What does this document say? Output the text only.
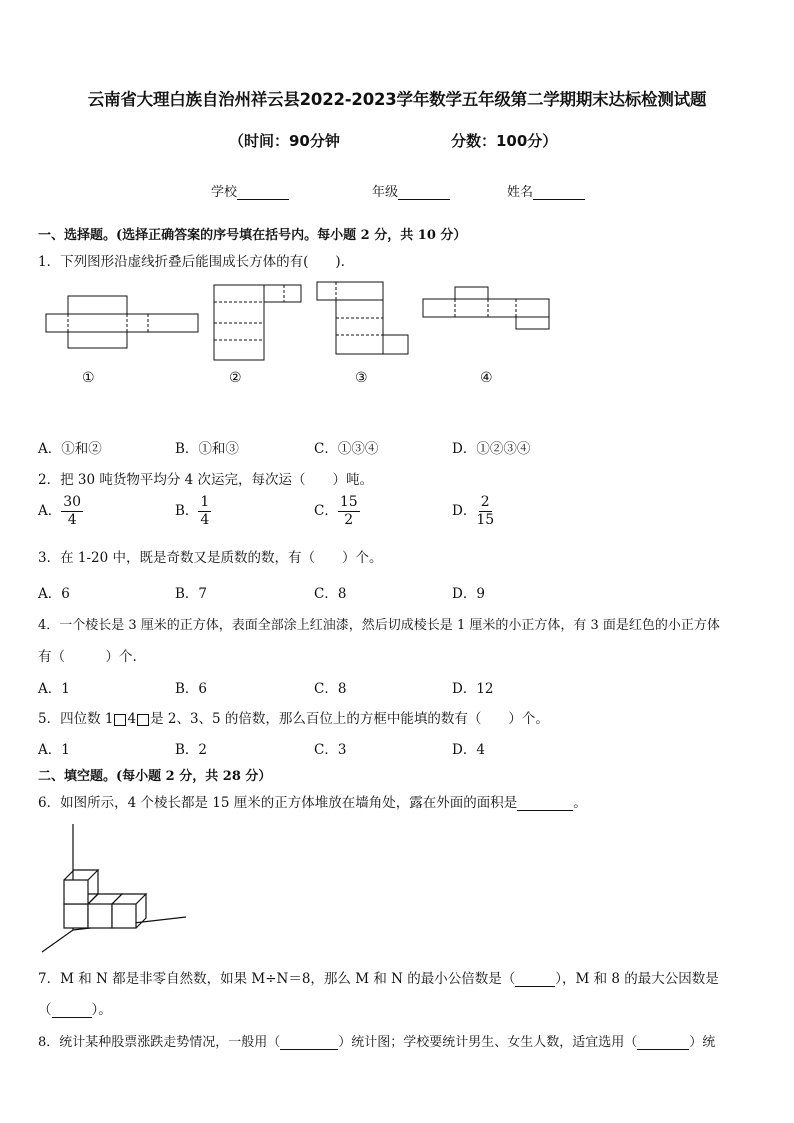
云南省大理白族自治州祥云县2022-2023学年数学五年级第二学期期末达标检测试题
（时间：90分钟	分数：100分）
学校	年级	姓名
一、选择题。(选择正确答案的序号填在括号内。每小题 2 分，共 10 分）
1．下列图形沿虚线折叠后能围成长方体的有(　　).
①	②	③	④
A．①和②	B．①和③	C．①③④	D．①②③④
2．把 30 吨货物平均分 4 次运完，每次运（　　）吨。
A． $\frac{30}{4}$	B． $\frac{1}{4}$	C． $\frac{15}{2}$	D． $\frac{2}{15}$
3．在 1-20 中，既是奇数又是质数的数，有（　　）个。
A．6	B．7	C．8	D．9
4．一个棱长是 3 厘米的正方体，表面全部涂上红油漆，然后切成棱长是 1 厘米的小正方体，有 3 面是红色的小正方体
有（　　　）个.
A．1	B．6	C．8	D．12
5．四位数 1 4 是 2、3、5 的倍数，那么百位上的方框中能填的数有（　　）个。
A．1	B．2	C．3	D．4
二、填空题。(每小题 2 分，共 28 分）
6．如图所示，4 个棱长都是 15 厘米的正方体堆放在墙角处，露在外面的面积是	。
7．M 和 N 都是非零自然数，如果 M÷N＝8，那么 M 和 N 的最小公倍数是（	），M 和 8 的最大公因数是
（	）。
8．统计某种股票涨跌走势情况，一般用（	）统计图；学校要统计男生、女生人数，适宜选用（	）统
